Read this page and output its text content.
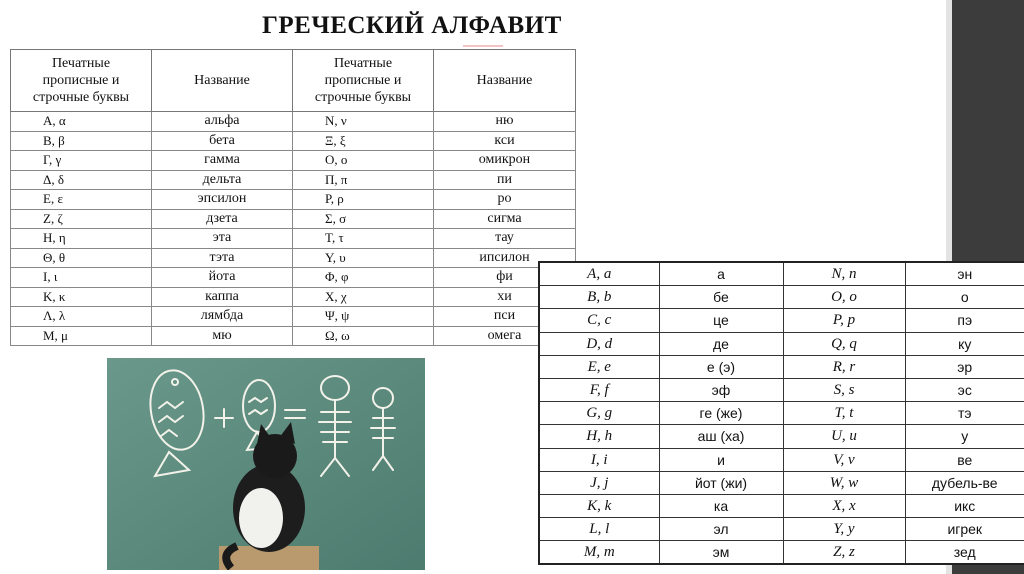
ГРЕЧЕСКИЙ АЛФАВИТ
Печатные прописные и строчные буквы	Название	Печатные прописные и строчные буквы	Название
A, α	альфа	N, ν	ню
B, β	бета	Ξ, ξ	кси
Γ, γ	гамма	O, o	омикрон
Δ, δ	дельта	Π, π	пи
E, ε	эпсилон	P, ρ	ро
Z, ζ	дзета	Σ, σ	сигма
H, η	эта	T, τ	тау
Θ, θ	тэта	Y, υ	ипсилон
I, ι	йота	Φ, φ	фи
K, κ	каппа	X, χ	хи
Λ, λ	лямбда	Ψ, ψ	пси
M, μ	мю	Ω, ω	омега
A, a	а	N, n	эн
B, b	бе	O, o	о
C, c	це	P, p	пэ
D, d	де	Q, q	ку
E, e	е (э)	R, r	эр
F, f	эф	S, s	эс
G, g	ге (же)	T, t	тэ
H, h	аш (ха)	U, u	у
I, i	и	V, v	ве
J, j	йот (жи)	W, w	дубель-ве
K, k	ка	X, x	икс
L, l	эл	Y, y	игрек
M, m	эм	Z, z	зед
